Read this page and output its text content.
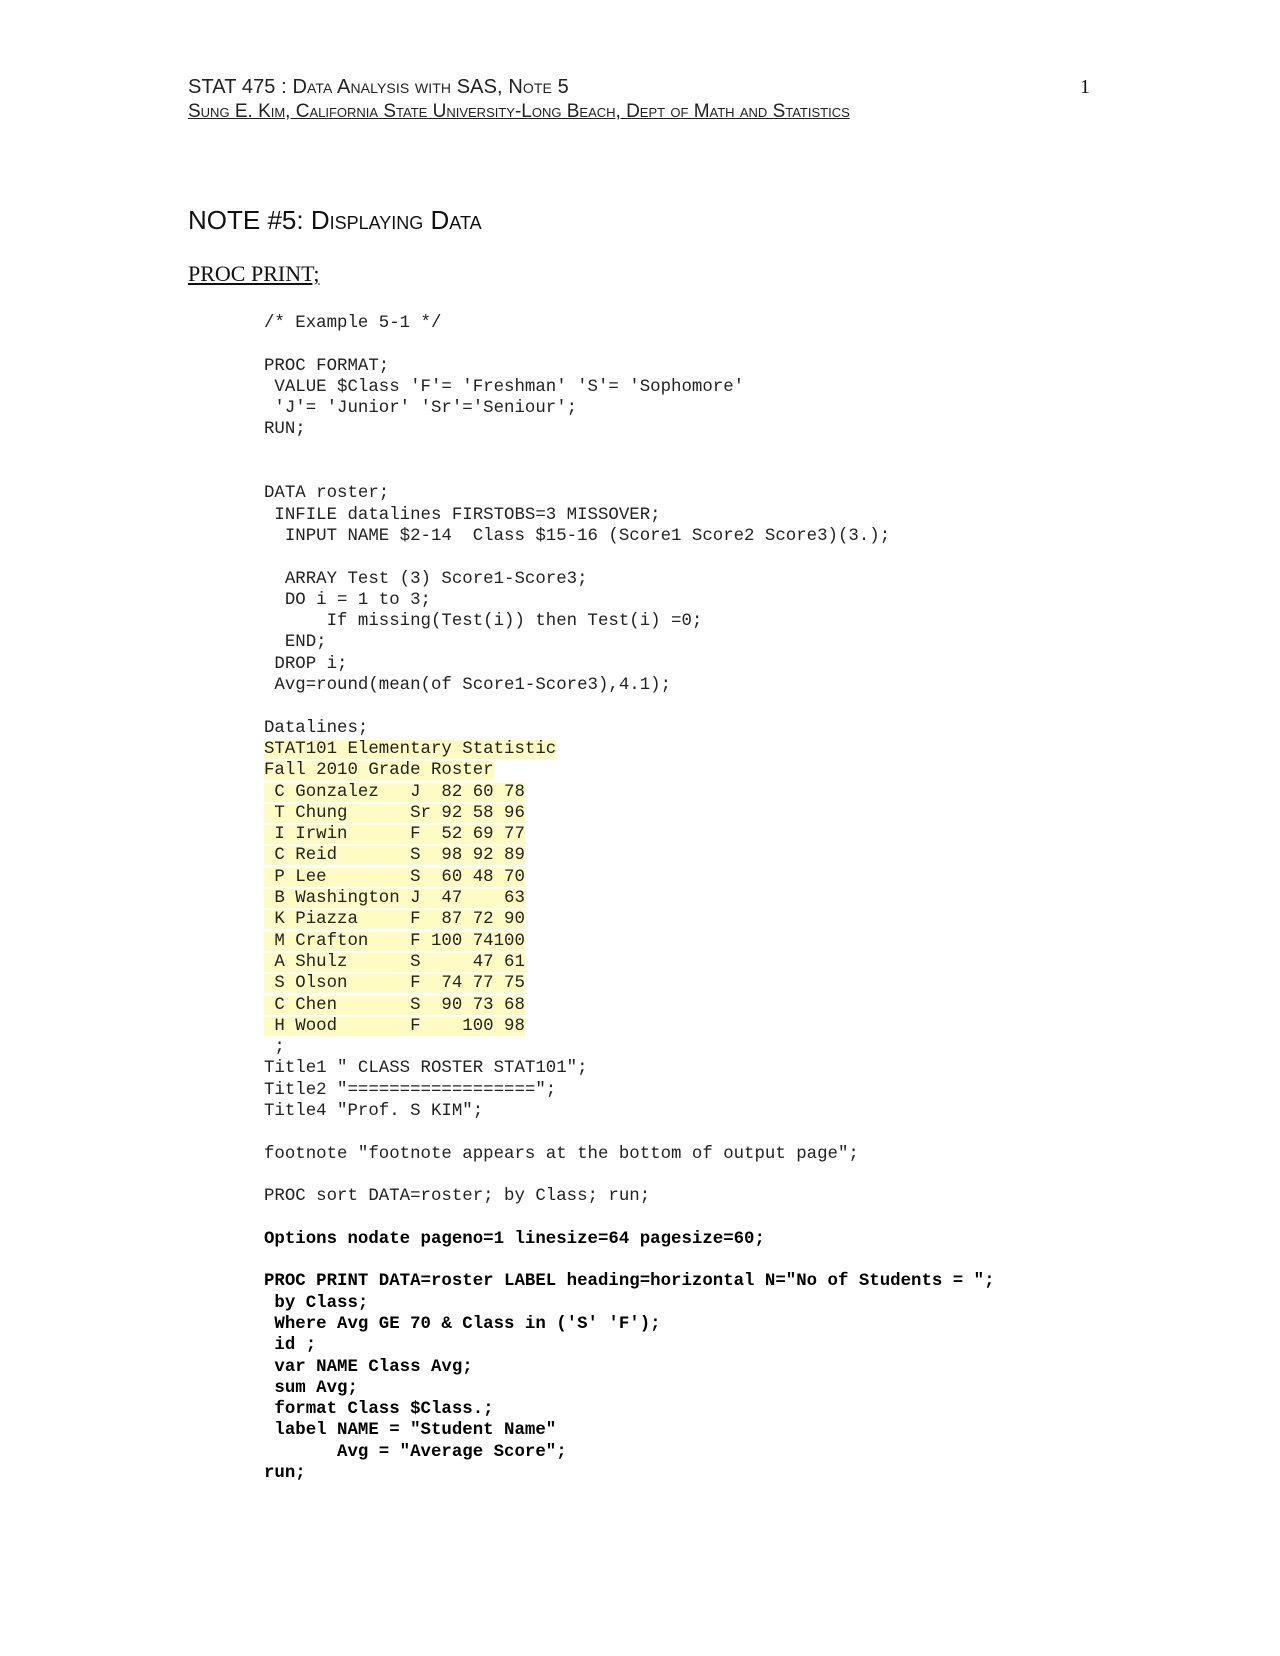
STAT 475 : Data Analysis with SAS, Note 5
Sung E. Kim, California State University-Long Beach, Dept of Math and Statistics
1
NOTE #5: Displaying Data
PROC PRINT;
/* Example 5-1 */

PROC FORMAT;
VALUE $Class 'F'= 'Freshman' 'S'= 'Sophomore'
'J'= 'Junior' 'Sr'='Seniour';
RUN;

DATA roster;
INFILE datalines FIRSTOBS=3 MISSOVER;
INPUT NAME $2-14  Class $15-16 (Score1 Score2 Score3)(3.);

ARRAY Test (3) Score1-Score3;
DO i = 1 to 3;
If missing(Test(i)) then Test(i) =0;
END;
DROP i;
Avg=round(mean(of Score1-Score3),4.1);

Datalines;
STAT101 Elementary Statistic
Fall 2010 Grade Roster
C Gonzalez   J  82 60 78
T Chung      Sr 92 58 96
I Irwin      F  52 69 77
C Reid       S  98 92 89
P Lee        S  60 48 70
B Washington J  47    63
K Piazza     F  87 72 90
M Crafton    F 100 74100
A Shulz      S     47 61
S Olson      F  74 77 75
C Chen       S  90 73 68
H Wood       F    100 98
;
Title1 " CLASS ROSTER STAT101";
Title2 "==================";
Title4 "Prof. S KIM";

footnote "footnote appears at the bottom of output page";

PROC sort DATA=roster; by Class; run;

Options nodate pageno=1 linesize=64 pagesize=60;

PROC PRINT DATA=roster LABEL heading=horizontal N="No of Students = ";
by Class;
Where Avg GE 70 & Class in ('S' 'F');
id ;
var NAME Class Avg;
sum Avg;
format Class $Class.;
label NAME = "Student Name"
Avg = "Average Score";
run;
